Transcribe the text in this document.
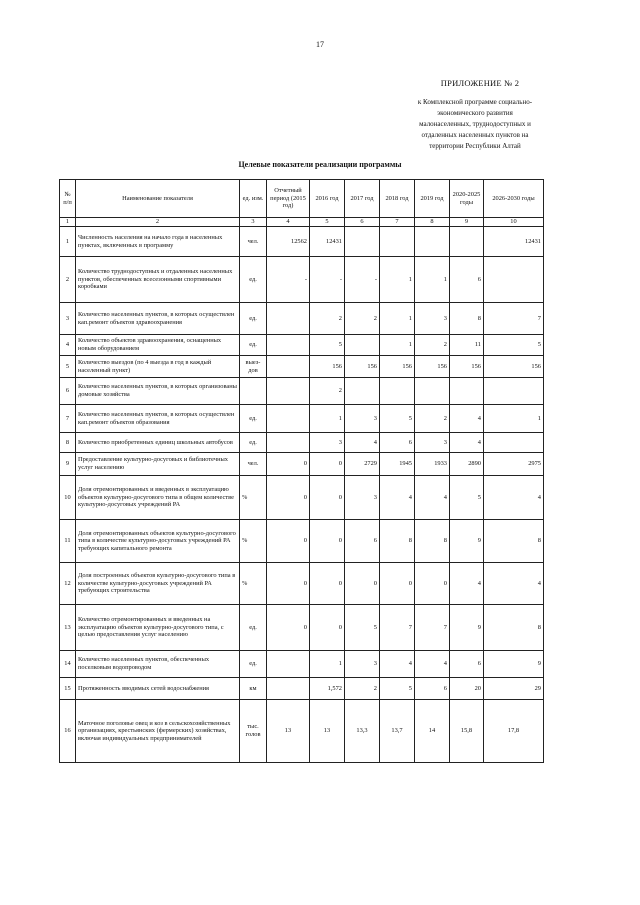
17
ПРИЛОЖЕНИЕ № 2
к Комплексной программе социально-
экономического развития
малонаселенных, труднодоступных и
отдаленных населенных пунктов на
территории Республики Алтай
Целевые показатели реализации программы
№ п/п	Наименование показателя	ед. изм.	Отчетный период (2015 год)	2016 год	2017 год	2018 год	2019 год	2020-2025 годы	2026-2030 годы
1	2	3	4	5	6	7	8	9	10
1	Численность населения на начало года в населенных пунктах, включенных в программу	чел.	12562	12431					12431
2	Количество труднодоступных и отдаленных населенных пунктов, обеспеченных всесезонными спортивными коробками	ед.	-	-	-	1	1	6	
3	Количество населенных пунктов, в которых осуществлен кап.ремонт объектов здравоохранения	ед.		2	2	1	3	8	7
4	Количество объектов здравоохранения, оснащенных новым оборудованием	ед.		5		1	2	11	5
5	Количество выездов (по 4 выезда в год в каждый населенный пункт)	выез-дов		156	156	156	156	156	156
6	Количество населенных пунктов, в которых организованы домовые хозяйства			2					
7	Количество населенных пунктов, в которых осуществлен кап.ремонт объектов образования	ед.		1	3	5	2	4	1
8	Количество приобретенных единиц школьных автобусов	ед.		3	4	6	3	4	
9	Предоставление культурно-досуговых и библиотечных услуг населению	чел.	0	0	2729	1945	1933	2890	2975
10	Доля отремонтированных и введенных в эксплуатацию объектов культурно-досугового типа в общем количестве культурно-досуговых учреждений РА	%	0	0	3	4	4	5	4
11	Доля отремонтированных объектов культурно-досугового типа в количестве культурно-досуговых учреждений РА требующих капитального ремонта	%	0	0	6	8	8	9	8
12	Доля построенных объектов культурно-досугового типа в количестве культурно-досуговых учреждений РА требующих строительства	%	0	0	0	0	0	4	4
13	Количество отремонтированных и введенных на эксплуатацию объектов культурно-досугового типа, с целью предоставления услуг населению	ед.	0	0	5	7	7	9	8
14	Количество населенных пунктов, обеспеченных поселковым водопроводом	ед.		1	3	4	4	6	9
15	Протяженность вводимых сетей водоснабжения	км		1,572	2	5	6	20	29
16	Маточное поголовье овец и коз в сельскохозяйственных организациях, крестьянских (фермерских) хозяйствах, включая индивидуальных предпринимателей	тыс. голов	13	13	13,3	13,7	14	15,8	17,8
